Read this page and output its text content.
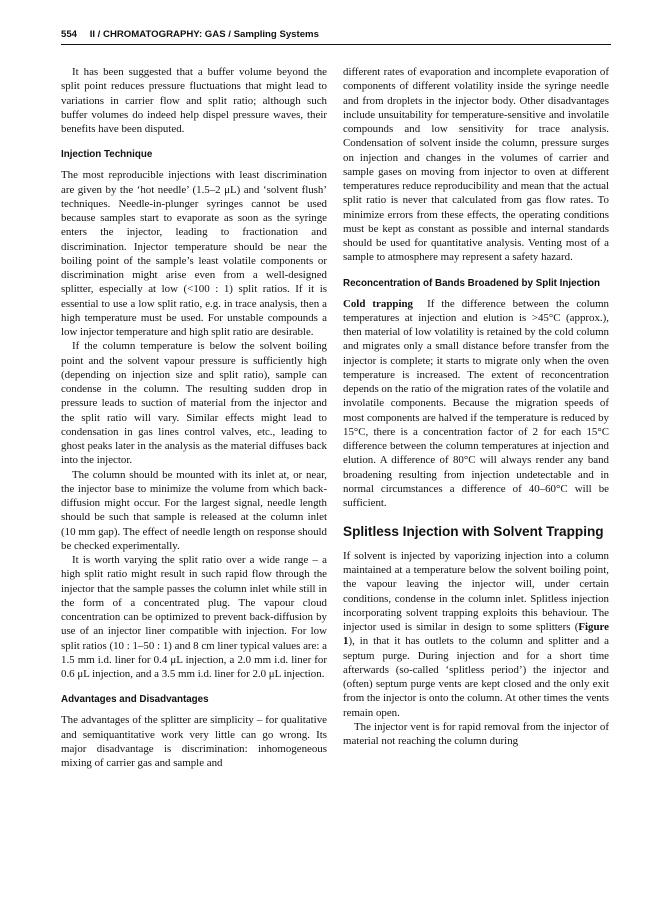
554 II / CHROMATOGRAPHY: GAS / Sampling Systems

It has been suggested that a buffer volume beyond the split point reduces pressure fluctuations that might lead to variations in carrier flow and split ratio; although such buffer volumes do indeed help dispel pressure waves, their benefits have been disputed.

Injection Technique

The most reproducible injections with least discrimination are given by the ‘hot needle’ (1.5–2 μL) and ‘solvent flush’ techniques. Needle-in-plunger syringes cannot be used because samples start to evaporate as soon as the syringe enters the injector, leading to fractionation and discrimination. Injector temperature should be near the boiling point of the sample’s least volatile components or discrimination might arise even from a well-designed splitter, especially at low (<100 : 1) split ratios. If it is essential to use a low split ratio, e.g. in trace analysis, then a high temperature must be used. For unstable compounds a low injector temperature and high split ratio are desirable.

If the column temperature is below the solvent boiling point and the solvent vapour pressure is sufficiently high (depending on injection size and split ratio), sample can condense in the column. The resulting sudden drop in pressure leads to suction of material from the injector and the split ratio will vary. Similar effects might lead to condensation in gas lines control valves, etc., leading to ghost peaks later in the analysis as the material diffuses back into the injector.

The column should be mounted with its inlet at, or near, the injector base to minimize the volume from which back-diffusion might occur. For the largest signal, needle length should be such that sample is released at the column inlet (10 mm gap). The effect of needle length on response should be checked experimentally.

It is worth varying the split ratio over a wide range – a high split ratio might result in such rapid flow through the injector that the sample passes the column inlet while still in the form of a concentrated plug. The vapour cloud concentration can be optimized to prevent back-diffusion by use of an injector liner compatible with injection. For low split ratios (10 : 1–50 : 1) and 8 cm liner typical values are: a 1.5 mm i.d. liner for 0.4 μL injection, a 2.0 mm i.d. liner for 0.6 μL injection, and a 3.5 mm i.d. liner for 2.0 μL injection.

Advantages and Disadvantages

The advantages of the splitter are simplicity – for qualitative and semiquantitative work very little can go wrong. Its major disadvantage is discrimination: inhomogeneous mixing of carrier gas and sample and

different rates of evaporation and incomplete evaporation of components of different volatility inside the syringe needle and from droplets in the injector body. Other disadvantages include unsuitability for temperature-sensitive and involatile compounds and low sensitivity for trace analysis. Condensation of solvent inside the column, pressure surges on injection and changes in the volumes of carrier and sample gases on moving from injector to oven at different temperatures reduce reproducibility and mean that the actual split ratio is never that calculated from gas flow rates. To minimize errors from these effects, the operating conditions must be kept as constant as possible and internal standards should be used for quantitative analysis. Venting most of a sample to atmosphere may represent a safety hazard.

Reconcentration of Bands Broadened by Split Injection

Cold trapping If the difference between the column temperatures at injection and elution is >45°C (approx.), then material of low volatility is retained by the cold column and migrates only a small distance before transfer from the injector is complete; it starts to migrate only when the oven temperature is increased. The extent of reconcentration depends on the ratio of the migration rates of the volatile and involatile components. Because the migration speeds of most components are halved if the temperature is reduced by 15°C, there is a concentration factor of 2 for each 15°C difference between the column temperatures at injection and elution. A difference of 80°C will always render any band broadening resulting from injection undetectable and in normal circumstances a difference of 40–60°C will be sufficient.

Splitless Injection with Solvent Trapping

If solvent is injected by vaporizing injection into a column maintained at a temperature below the solvent boiling point, the vapour leaving the injector will, under certain conditions, condense in the column inlet. Splitless injection incorporating solvent trapping exploits this behaviour. The injector used is similar in design to some splitters (Figure 1), in that it has outlets to the column and splitter and a septum purge. During injection and for a short time afterwards (so-called ‘splitless period’) the injector and (often) septum purge vents are kept closed and the only exit from the injector is onto the column. At other times the vents remain open.

The injector vent is for rapid removal from the injector of material not reaching the column during
